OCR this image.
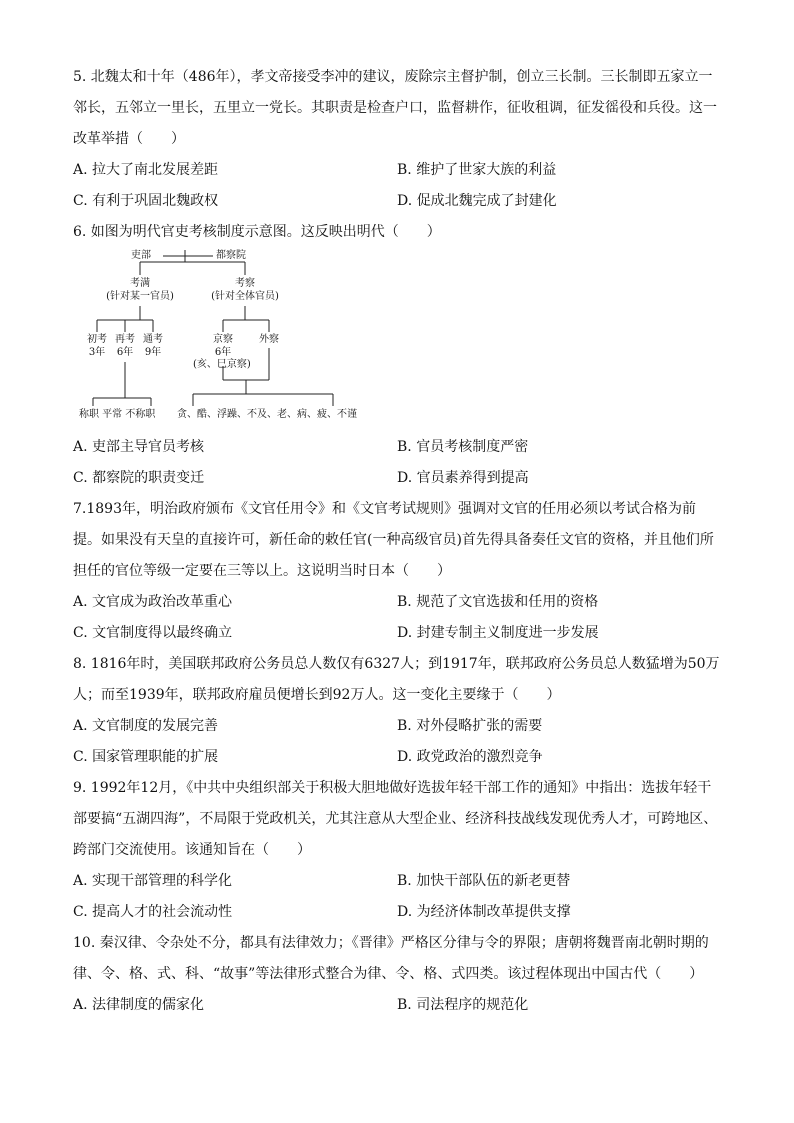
5. 北魏太和十年（486年），孝文帝接受李冲的建议，废除宗主督护制，创立三长制。三长制即五家立一邻长，五邻立一里长，五里立一党长。其职责是检查户口，监督耕作，征收租调，征发徭役和兵役。这一改革举措（　　）

A. 拉大了南北发展差距	B. 维护了世家大族的利益
C. 有利于巩固北魏政权	D. 促成北魏完成了封建化

6. 如图为明代官吏考核制度示意图。这反映出明代（　　）

吏部	都察院
考满
(针对某一官员)
考察
(针对全体官员)
初考
3年
再考
6年
通考
9年
京察
6年
(亥、巳京察)
外察
称职 平常 不称职 贪、酷、浮躁、不及、老、病、疲、不谨
A. 吏部主导官员考核	B. 官员考核制度严密
C. 都察院的职责变迁	D. 官员素养得到提高

7.1893年，明治政府颁布《文官任用令》和《文官考试规则》强调对文官的任用必须以考试合格为前提。如果没有天皇的直接许可，新任命的敕任官(一种高级官员)首先得具备奏任文官的资格，并且他们所担任的官位等级一定要在三等以上。这说明当时日本（　　）

A. 文官成为政治改革重心	B. 规范了文官选拔和任用的资格
C. 文官制度得以最终确立	D. 封建专制主义制度进一步发展

8. 1816年时，美国联邦政府公务员总人数仅有6327人；到1917年，联邦政府公务员总人数猛增为50万人；而至1939年，联邦政府雇员便增长到92万人。这一变化主要缘于（　　）

A. 文官制度的发展完善	B. 对外侵略扩张的需要
C. 国家管理职能的扩展	D. 政党政治的激烈竞争

9. 1992年12月，《中共中央组织部关于积极大胆地做好选拔年轻干部工作的通知》中指出：选拔年轻干部要搞“五湖四海”，不局限于党政机关，尤其注意从大型企业、经济科技战线发现优秀人才，可跨地区、跨部门交流使用。该通知旨在（　　）

A. 实现干部管理的科学化	B. 加快干部队伍的新老更替
C. 提高人才的社会流动性	D. 为经济体制改革提供支撑

10. 秦汉律、令杂处不分，都具有法律效力；《晋律》严格区分律与令的界限；唐朝将魏晋南北朝时期的律、令、格、式、科、“故事”等法律形式整合为律、令、格、式四类。该过程体现出中国古代（　　）

A. 法律制度的儒家化	B. 司法程序的规范化
